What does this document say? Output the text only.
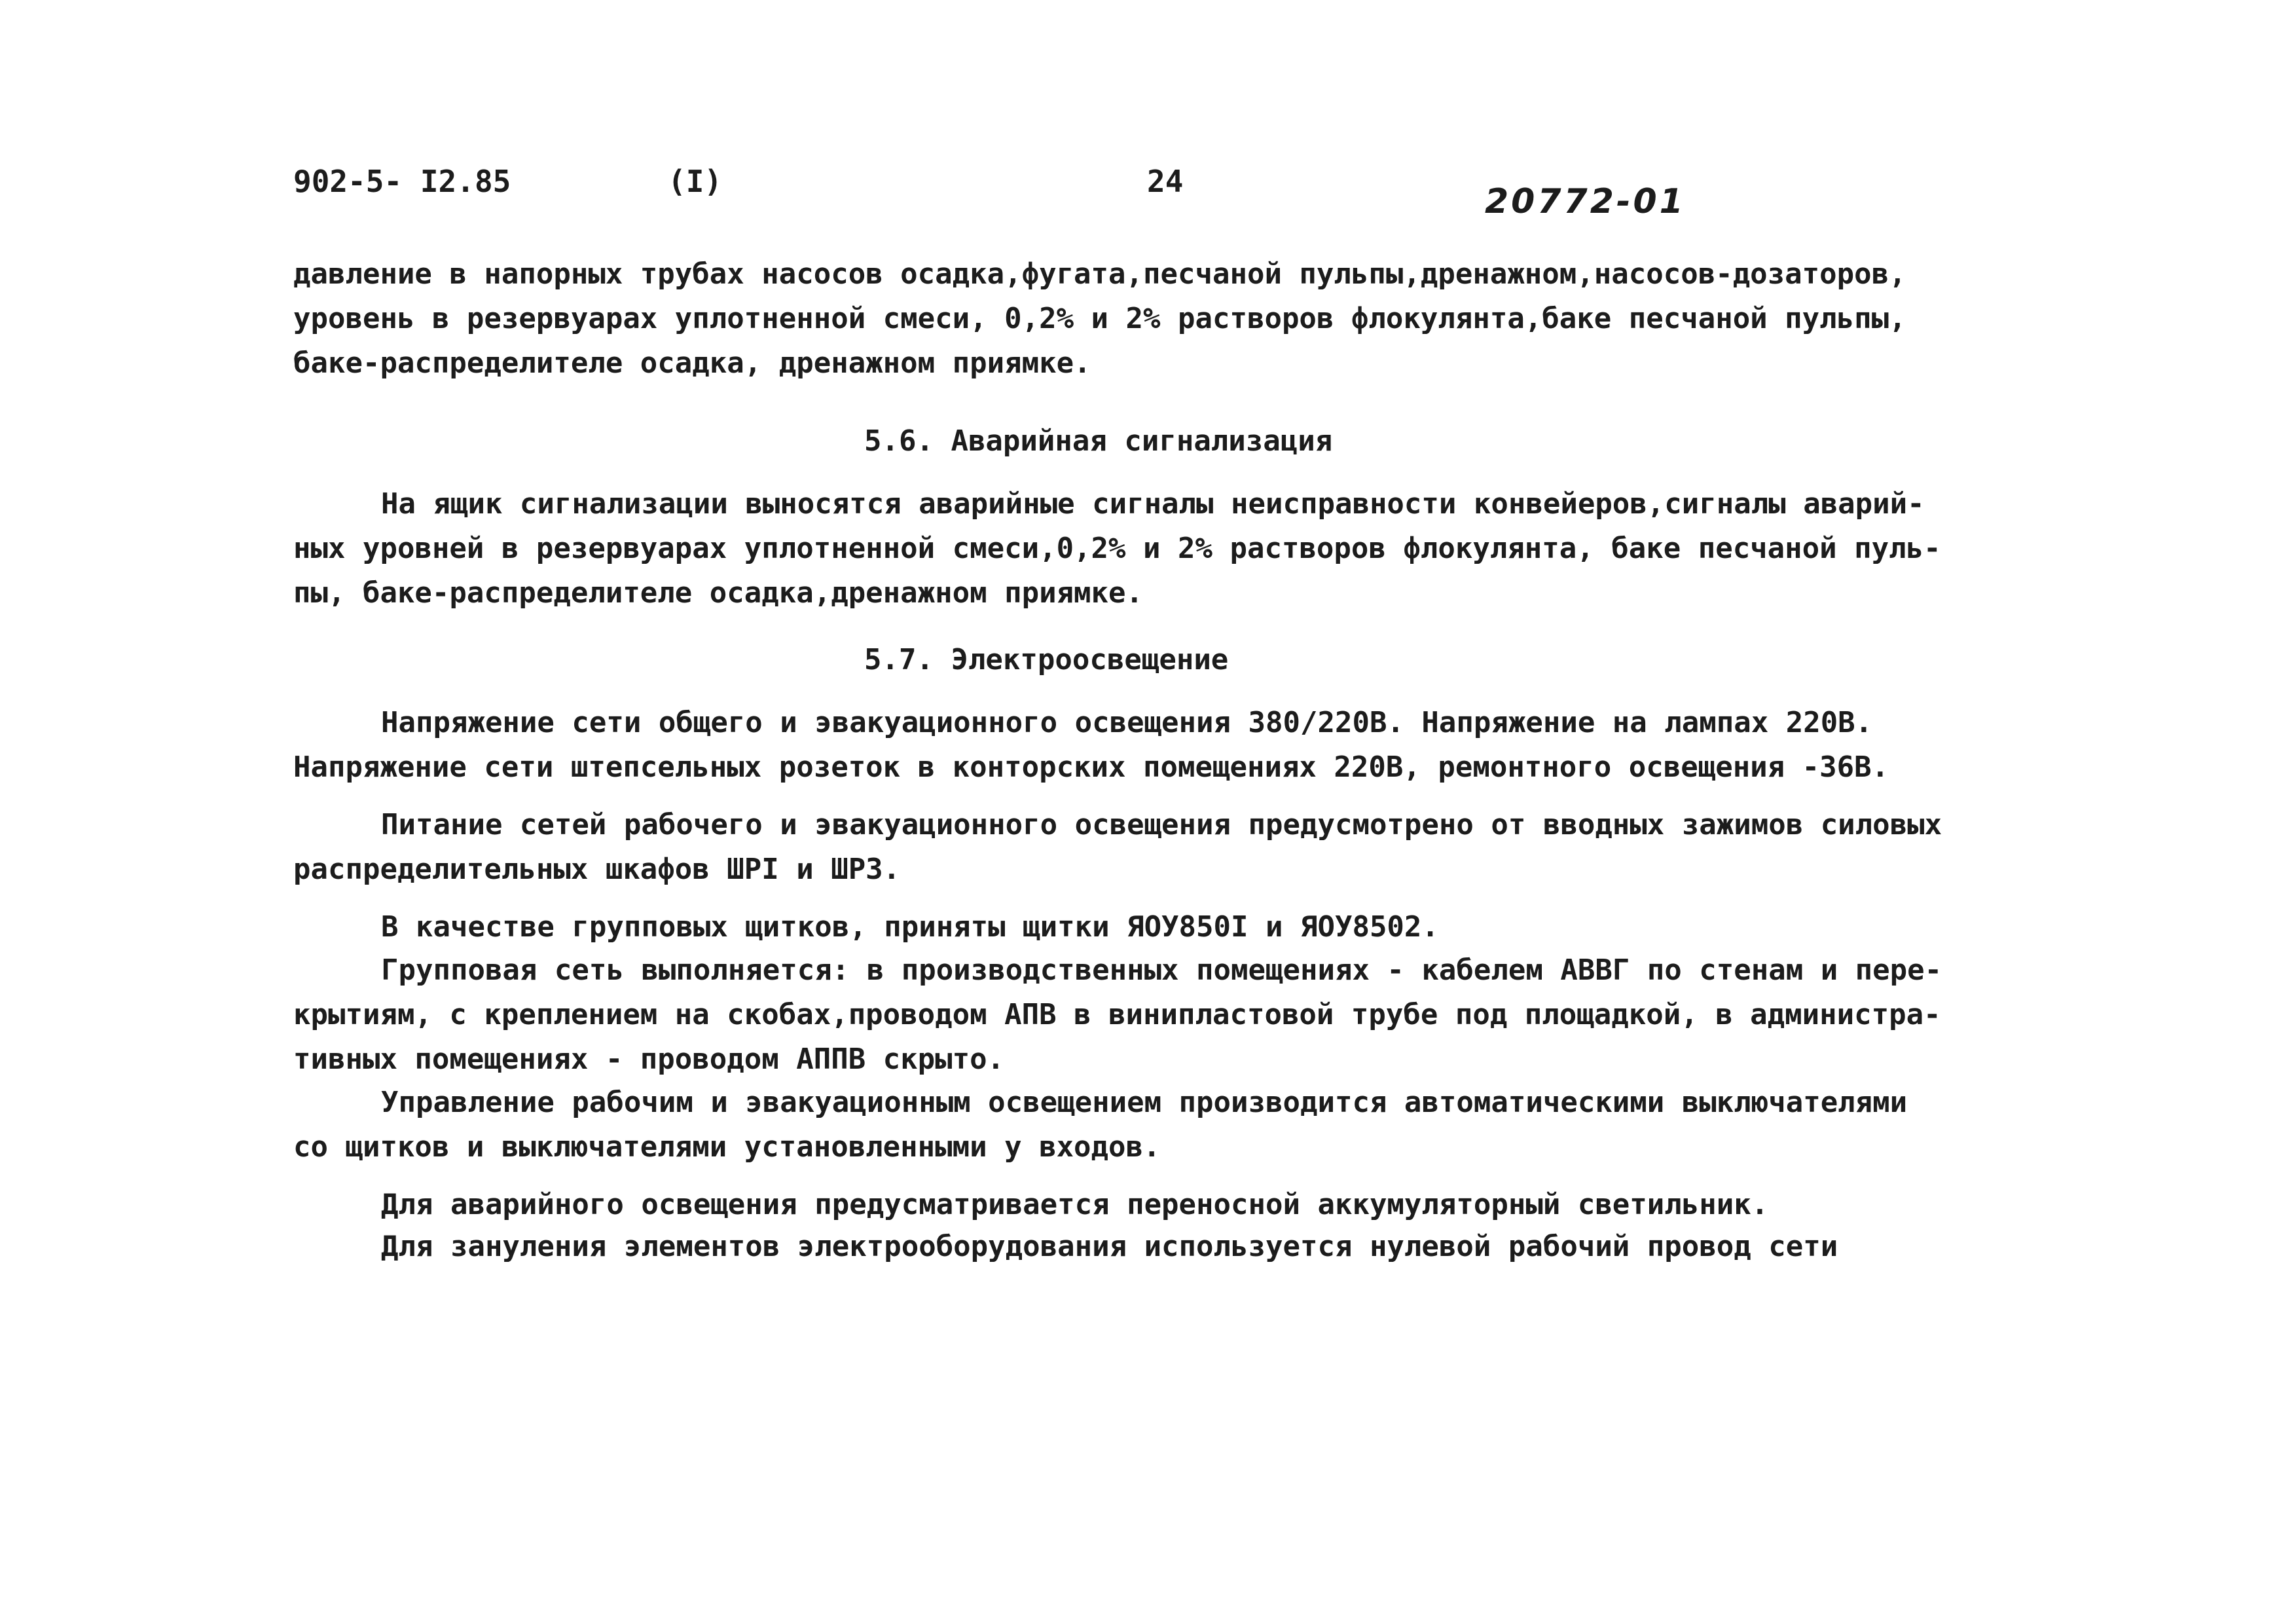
902-5- I2.85	(I)	24
20772-01
давление в напорных трубах насосов осадка,фугата,песчаной пульпы,дренажном,насосов-дозаторов,
уровень в резервуарах уплотненной смеси, 0,2% и 2% растворов флокулянта,баке песчаной пульпы,
баке-распределителе осадка, дренажном приямке.
5.6. Аварийная сигнализация
На ящик сигнализации выносятся аварийные сигналы неисправности конвейеров,сигналы аварий-
ных уровней в резервуарах уплотненной смеси,0,2% и 2% растворов флокулянта, баке песчаной пуль-
пы, баке-распределителе осадка,дренажном приямке.
5.7. Электроосвещение
Напряжение сети общего и эвакуационного освещения 380/220В. Напряжение на лампах 220В.
Напряжение сети штепсельных розеток в конторских помещениях 220В, ремонтного освещения -36В.
Питание сетей рабочего и эвакуационного освещения предусмотрено от вводных зажимов силовых
распределительных шкафов ШРI и ШР3.
В качестве групповых щитков, приняты щитки ЯОУ850I и ЯОУ8502.
Групповая сеть выполняется: в производственных помещениях - кабелем АВВГ по стенам и пере-
крытиям, с креплением на скобах,проводом АПВ в винипластовой трубе под площадкой, в администра-
тивных помещениях - проводом АППВ скрыто.
Управление рабочим и эвакуационным освещением производится автоматическими выключателями
со щитков и выключателями установленными у входов.
Для аварийного освещения предусматривается переносной аккумуляторный светильник.
Для зануления элементов электрооборудования используется нулевой рабочий провод сети
